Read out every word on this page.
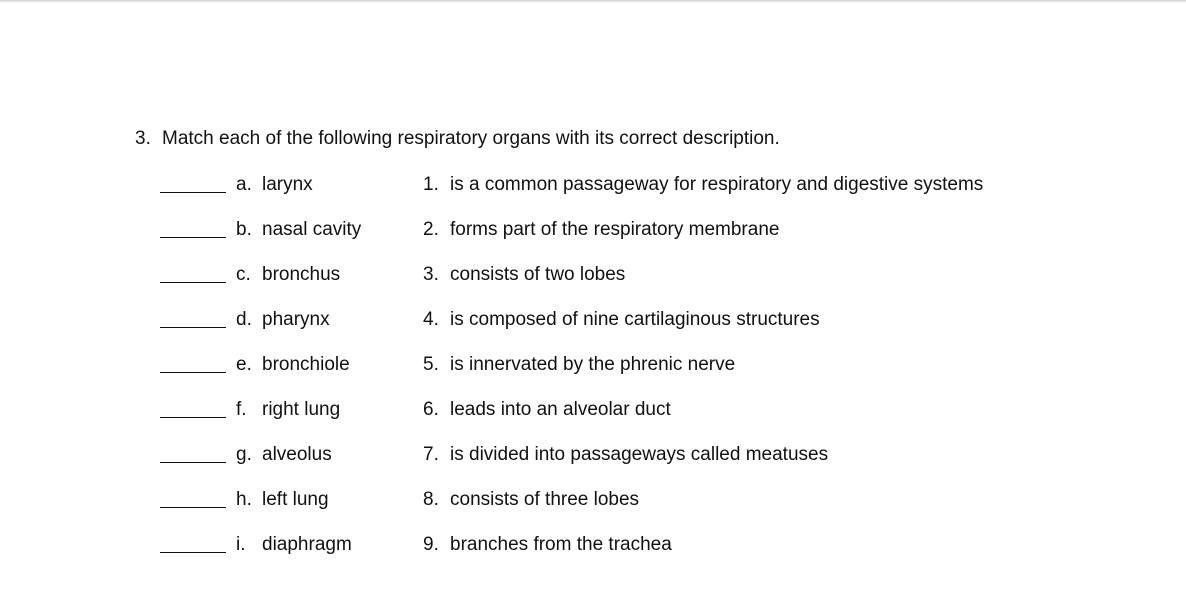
3. Match each of the following respiratory organs with its correct description.
a. larynx	1. is a common passageway for respiratory and digestive systems
b. nasal cavity	2. forms part of the respiratory membrane
c. bronchus	3. consists of two lobes
d. pharynx	4. is composed of nine cartilaginous structures
e. bronchiole	5. is innervated by the phrenic nerve
f. right lung	6. leads into an alveolar duct
g. alveolus	7. is divided into passageways called meatuses
h. left lung	8. consists of three lobes
i. diaphragm	9. branches from the trachea
